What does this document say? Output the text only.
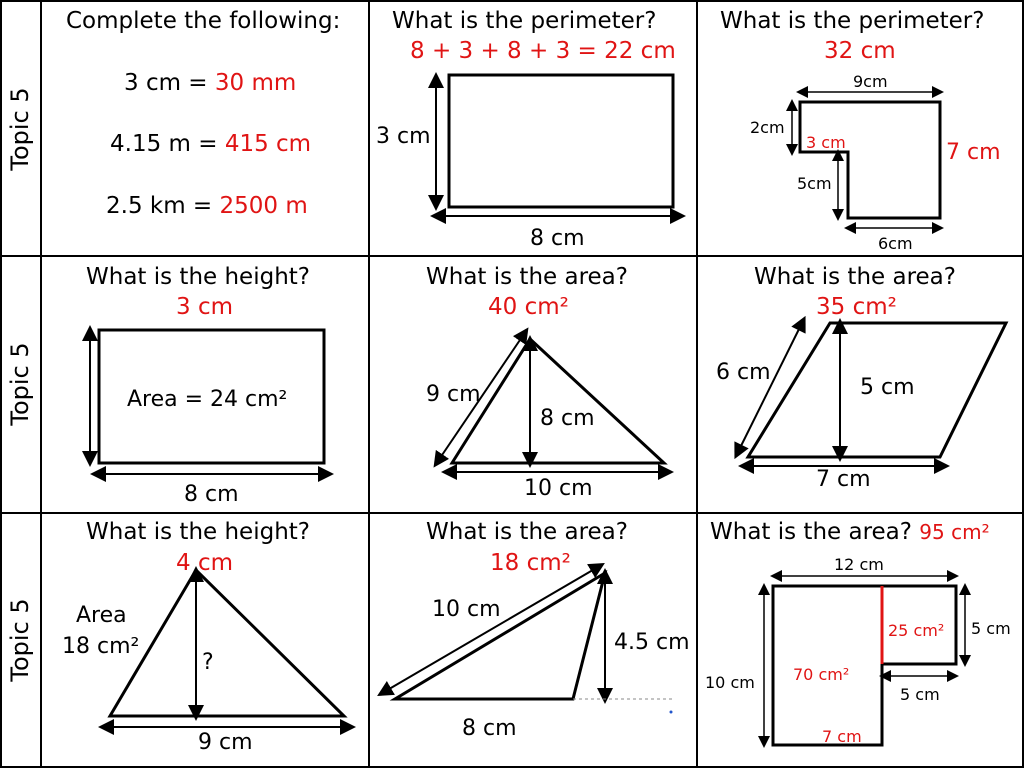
Topic 5
Topic 5
Topic 5
Complete the following:
3 cm = 30 mm
4.15 m = 415 cm
2.5 km = 2500 m
What is the perimeter?
8 + 3 + 8 + 3 = 22 cm
3 cm
8 cm
What is the perimeter?
32 cm
9cm
2cm
3 cm
5cm
7 cm
6cm
What is the height?
3 cm
Area = 24 cm²
8 cm
What is the area?
40 cm²
9 cm
8 cm
10 cm
What is the area?
35 cm²
6 cm
5 cm
7 cm
What is the height?
4 cm
Area
18 cm²
?
9 cm
What is the area?
18 cm²
10 cm
4.5 cm
8 cm
What is the area? 95 cm²
12 cm
5 cm
10 cm
5 cm
7 cm
25 cm²
70 cm²
